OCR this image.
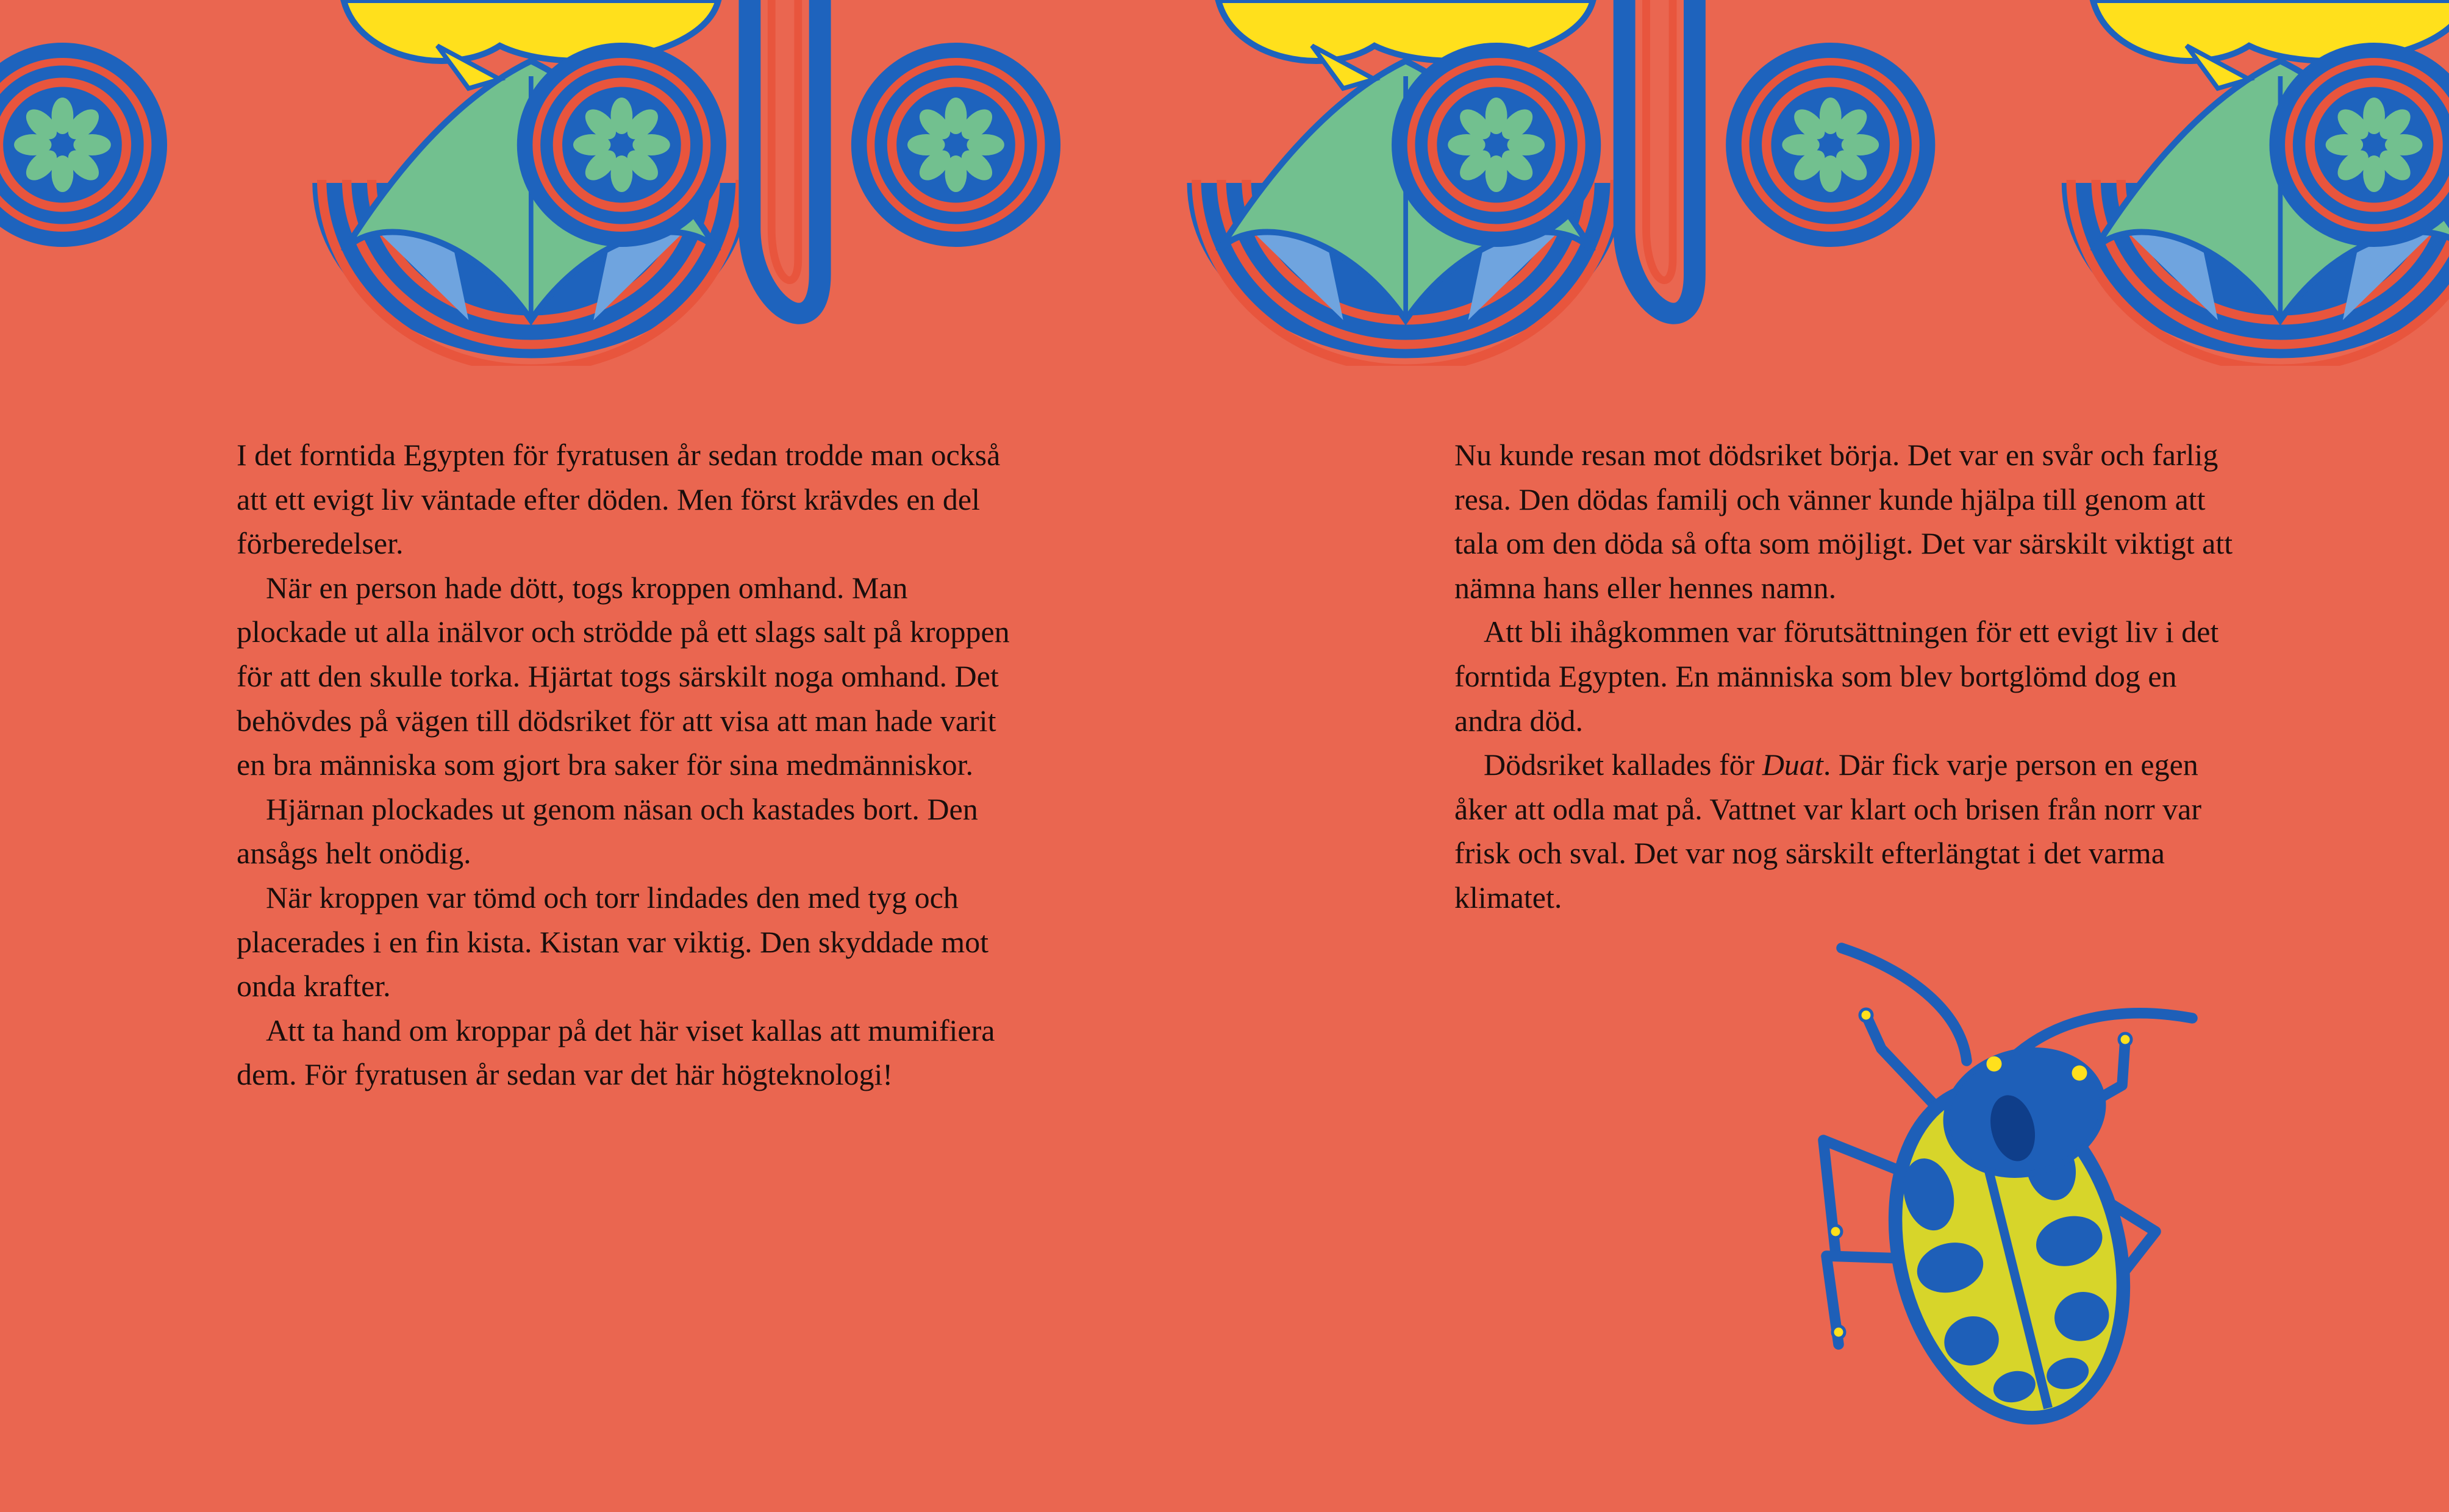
I det forntida Egypten för fyratusen år sedan trodde man också att ett evigt liv väntade efter döden. Men först krävdes en del förberedelser.

När en person hade dött, togs kroppen omhand. Man plockade ut alla inälvor och strödde på ett slags salt på kroppen för att den skulle torka. Hjärtat togs särskilt noga omhand. Det behövdes på vägen till dödsriket för att visa att man hade varit en bra människa som gjort bra saker för sina medmänniskor.

Hjärnan plockades ut genom näsan och kastades bort. Den ansågs helt onödig.

När kroppen var tömd och torr lindades den med tyg och placerades i en fin kista. Kistan var viktig. Den skyddade mot onda krafter.

Att ta hand om kroppar på det här viset kallas att mumifiera dem. För fyratusen år sedan var det här högteknologi!

Nu kunde resan mot dödsriket börja. Det var en svår och farlig resa. Den dödas familj och vänner kunde hjälpa till genom att tala om den döda så ofta som möjligt. Det var särskilt viktigt att nämna hans eller hennes namn.

Att bli ihågkommen var förutsättningen för ett evigt liv i det forntida Egypten. En människa som blev bortglömd dog en andra död.

Dödsriket kallades för Duat. Där fick varje person en egen åker att odla mat på. Vattnet var klart och brisen från norr var frisk och sval. Det var nog särskilt efterlängtat i det varma klimatet.
